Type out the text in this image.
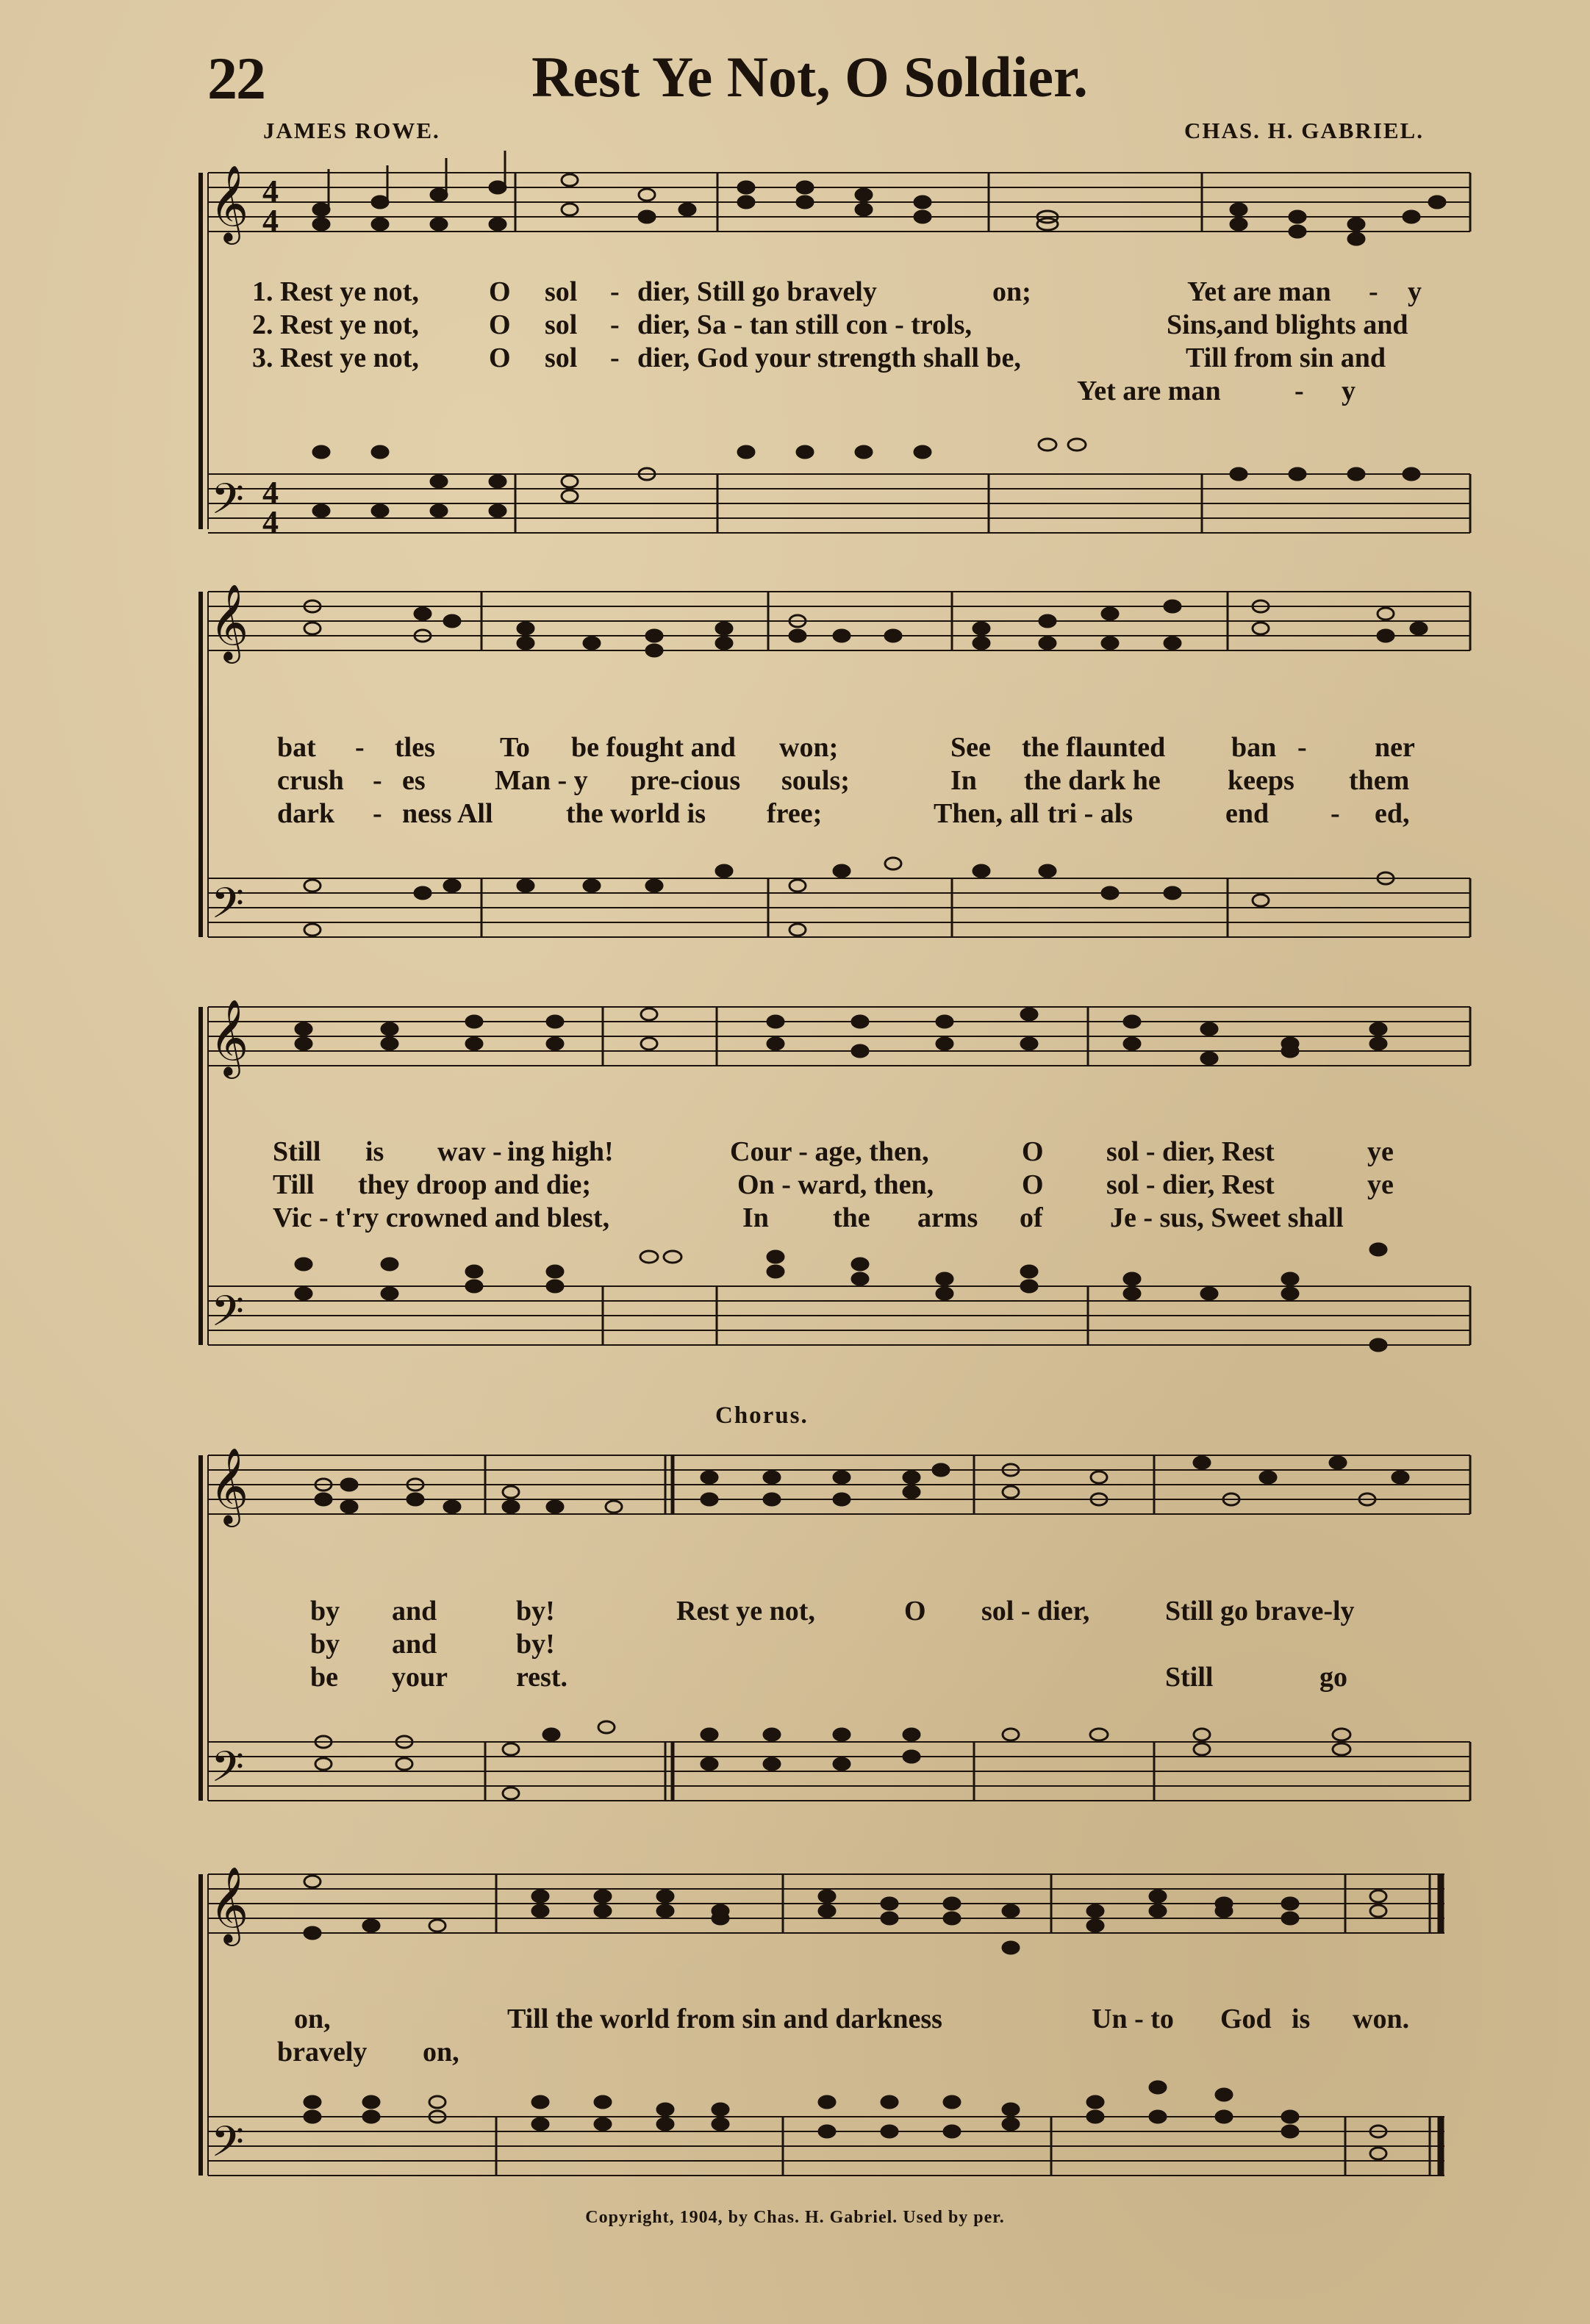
22	Rest Ye Not, O Soldier.
JAMES ROWE.	CHAS. H. GABRIEL.
𝄞 4
4
𝄢 4
4
1. Rest ye not,	O sol - dier, Still go bravely	on;	Yet are man - y
2. Rest ye not,	O sol - dier, Sa - tan still con - trols,	Sins,and blights and
3. Rest ye not,	O sol - dier, God your strength shall be,	Till from sin and
Yet are man	- y
𝄞
𝄢
bat - tles To be fought and won;	See the flaunted ban - ner
crush - es Man - y pre-cious souls;	In the dark he keeps them
dark - ness All	the world is free;	Then, all tri - als	end - ed,
𝄞
𝄢
Still is wav - ing high!	Cour - age, then,	O sol - dier, Rest	ye
Till they droop and die;	On - ward, then,	O sol - dier, Rest	ye
Vic - t'ry crowned and blest,	In the arms of Je - sus, Sweet shall
Chorus.
𝄞
𝄢
by and	by!	Rest ye not,	O sol - dier,	Still go brave-ly
by and	by!
be your rest.	Still	go
𝄞
𝄢
on,	Till the world from sin and darkness	Un - to God is won.
bravely on,
Copyright, 1904, by Chas. H. Gabriel. Used by per.
